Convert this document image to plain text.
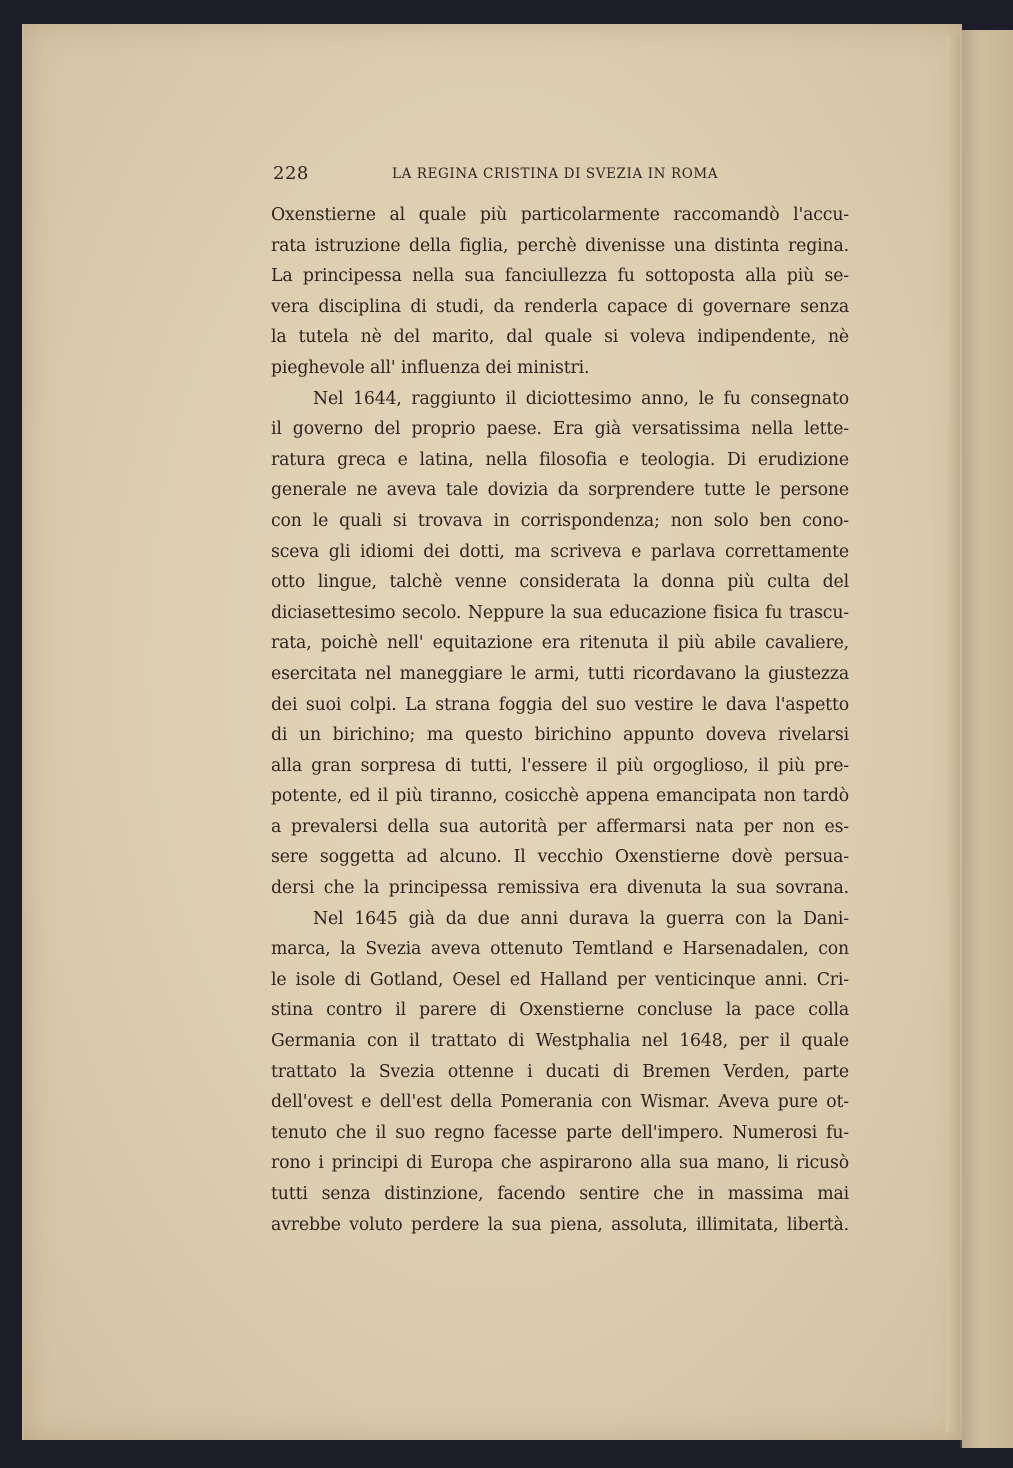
228	LA REGINA CRISTINA DI SVEZIA IN ROMA
Oxenstierne al quale più particolarmente raccomandò l'accu-
rata istruzione della figlia, perchè divenisse una distinta regina.
La principessa nella sua fanciullezza fu sottoposta alla più se-
vera disciplina di studi, da renderla capace di governare senza
la tutela nè del marito, dal quale si voleva indipendente, nè
pieghevole all' influenza dei ministri.
Nel 1644, raggiunto il diciottesimo anno, le fu consegnato
il governo del proprio paese. Era già versatissima nella lette-
ratura greca e latina, nella filosofia e teologia. Di erudizione
generale ne aveva tale dovizia da sorprendere tutte le persone
con le quali si trovava in corrispondenza; non solo ben cono-
sceva gli idiomi dei dotti, ma scriveva e parlava correttamente
otto lingue, talchè venne considerata la donna più culta del
diciasettesimo secolo. Neppure la sua educazione fisica fu trascu-
rata, poichè nell' equitazione era ritenuta il più abile cavaliere,
esercitata nel maneggiare le armi, tutti ricordavano la giustezza
dei suoi colpi. La strana foggia del suo vestire le dava l'aspetto
di un birichino; ma questo birichino appunto doveva rivelarsi
alla gran sorpresa di tutti, l'essere il più orgoglioso, il più pre-
potente, ed il più tiranno, cosicchè appena emancipata non tardò
a prevalersi della sua autorità per affermarsi nata per non es-
sere soggetta ad alcuno. Il vecchio Oxenstierne dovè persua-
dersi che la principessa remissiva era divenuta la sua sovrana.
Nel 1645 già da due anni durava la guerra con la Dani-
marca, la Svezia aveva ottenuto Temtland e Harsenadalen, con
le isole di Gotland, Oesel ed Halland per venticinque anni. Cri-
stina contro il parere di Oxenstierne concluse la pace colla
Germania con il trattato di Westphalia nel 1648, per il quale
trattato la Svezia ottenne i ducati di Bremen Verden, parte
dell'ovest e dell'est della Pomerania con Wismar. Aveva pure ot-
tenuto che il suo regno facesse parte dell'impero. Numerosi fu-
rono i principi di Europa che aspirarono alla sua mano, li ricusò
tutti senza distinzione, facendo sentire che in massima mai
avrebbe voluto perdere la sua piena, assoluta, illimitata, libertà.
